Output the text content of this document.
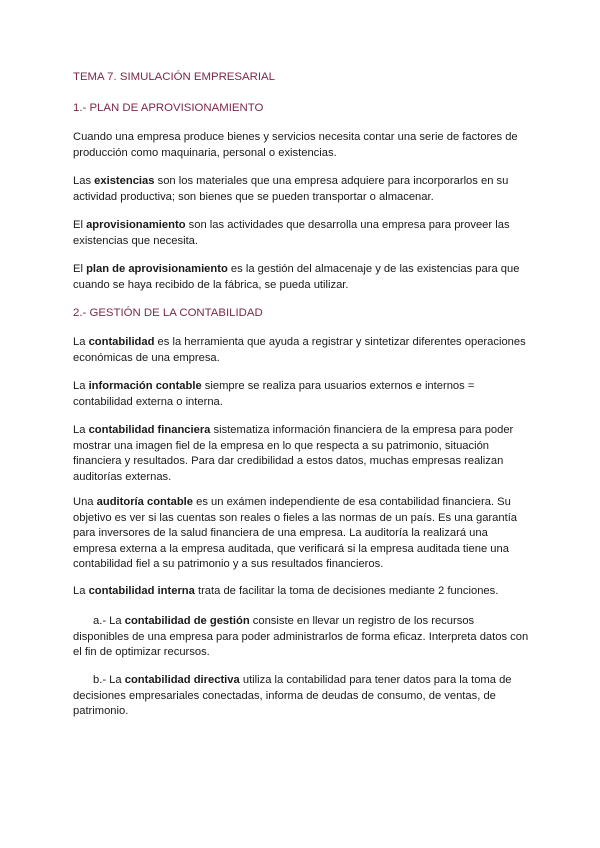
TEMA 7. SIMULACIÓN EMPRESARIAL
1.- PLAN DE APROVISIONAMIENTO
Cuando una empresa produce bienes y servicios necesita contar una serie de factores de producción como maquinaria, personal o existencias.
Las existencias son los materiales que una empresa adquiere para incorporarlos en su actividad productiva; son bienes que se pueden transportar o almacenar.
El aprovisionamiento son las actividades que desarrolla una empresa para proveer las existencias que necesita.
El plan de aprovisionamiento es la gestión del almacenaje y de las existencias para que cuando se haya recibido de la fábrica, se pueda utilizar.
2.- GESTIÓN DE LA CONTABILIDAD
La contabilidad es la herramienta que ayuda a registrar y sintetizar diferentes operaciones económicas de una empresa.
La información contable siempre se realiza para usuarios externos e internos = contabilidad externa o interna.
La contabilidad financiera sistematiza información financiera de la empresa para poder mostrar una imagen fiel de la empresa en lo que respecta a su patrimonio, situación financiera y resultados. Para dar credibilidad a estos datos, muchas empresas realizan auditorías externas.
Una auditoría contable es un exámen independiente de esa contabilidad financiera. Su objetivo es ver si las cuentas son reales o fieles a las normas de un país. Es una garantía para inversores de la salud financiera de una empresa. La auditoría la realizará una empresa externa a la empresa auditada, que verificará si la empresa auditada tiene una contabilidad fiel a su patrimonio y a sus resultados financieros.
La contabilidad interna trata de facilitar la toma de decisiones mediante 2 funciones.
a.- La contabilidad de gestión consiste en llevar un registro de los recursos disponibles de una empresa para poder administrarlos de forma eficaz. Interpreta datos con el fin de optimizar recursos.
b.- La contabilidad directiva utiliza la contabilidad para tener datos para la toma de decisiones empresariales conectadas, informa de deudas de consumo, de ventas, de patrimonio.
